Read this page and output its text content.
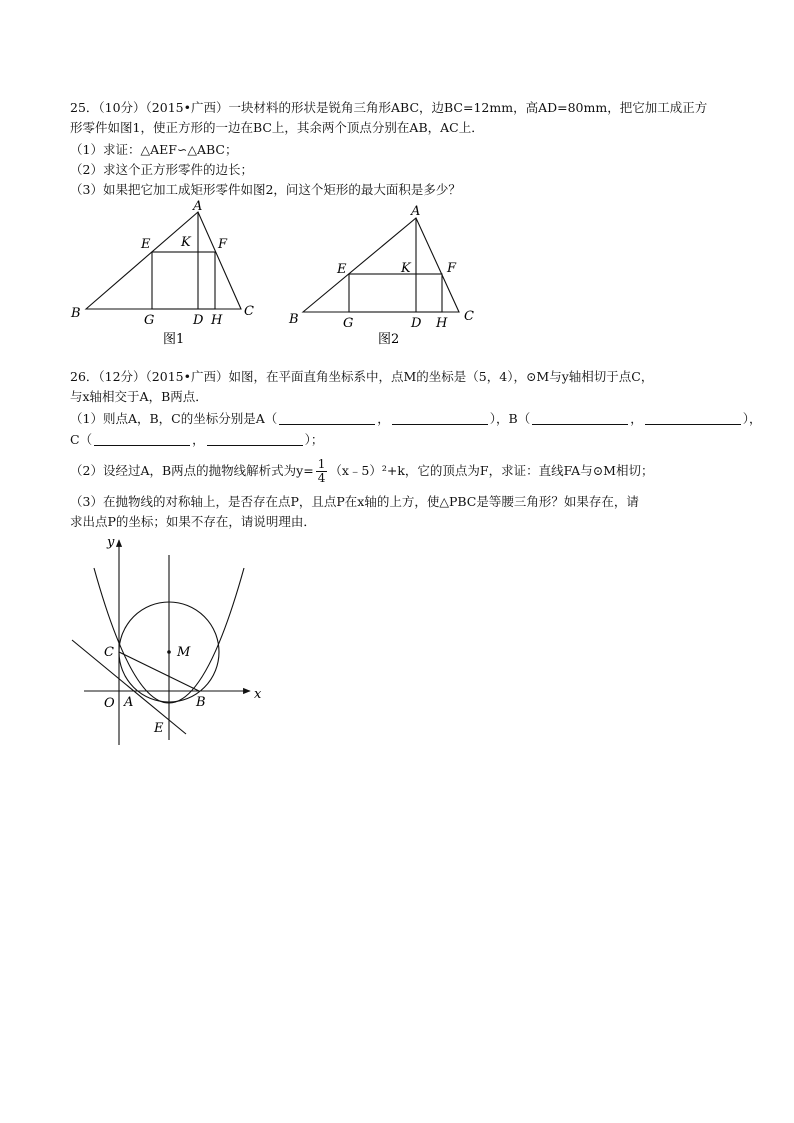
25．（10分）（2015•广西）一块材料的形状是锐角三角形ABC，边BC=12mm，高AD=80mm，把它加工成正方
形零件如图1，使正方形的一边在BC上，其余两个顶点分别在AB，AC上．
（1）求证：△AEF∽△ABC；
（2）求这个正方形零件的边长；
（3）如果把它加工成矩形零件如图2，问这个矩形的最大面积是多少？
A
B	C
D
E	F
G	H
K
图1
A
B	C
D
E	F
G	H
K
图2
26．（12分）（2015•广西）如图，在平面直角坐标系中，点M的坐标是（5，4），⊙M与y轴相切于点C，
与x轴相交于A，B两点．
（1）则点A，B，C的坐标分别是A（	，	），B（	，	），
C（	，	）；
（2）设经过A，B两点的抛物线解析式为$y= \frac{1}{4}$ （x﹣5）²+k，它的顶点为F，求证：直线FA与⊙M相切；
（3）在抛物线的对称轴上，是否存在点P，且点P在x轴的上方，使△PBC是等腰三角形？如果存在，请
求出点P的坐标；如果不存在，请说明理由．
x
y
O A	B
C
E
M
